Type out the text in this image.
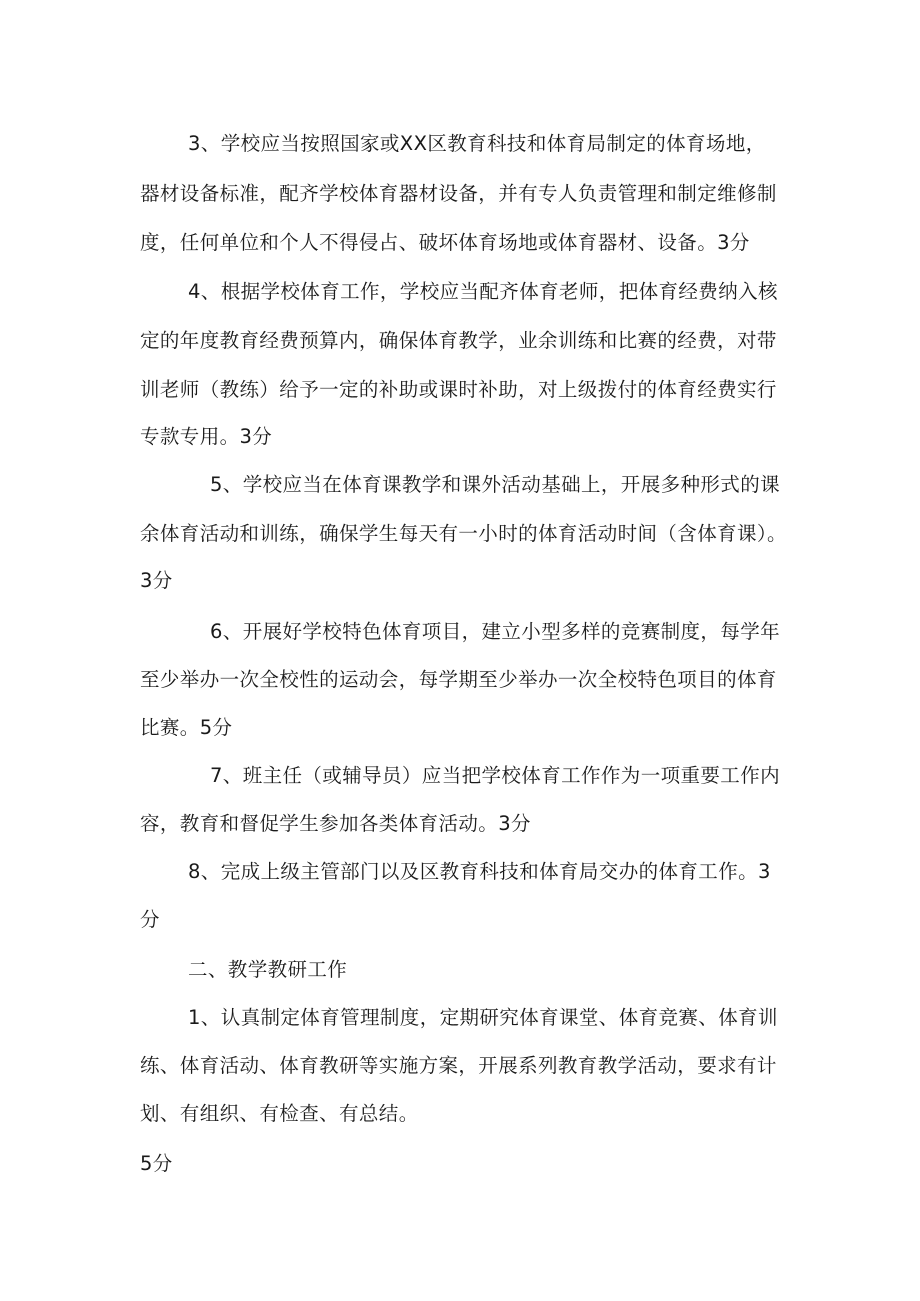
3、学校应当按照国家或XX区教育科技和体育局制定的体育场地，
器材设备标准，配齐学校体育器材设备，并有专人负责管理和制定维修制
度，任何单位和个人不得侵占、破坏体育场地或体育器材、设备。3分
4、根据学校体育工作，学校应当配齐体育老师，把体育经费纳入核
定的年度教育经费预算内，确保体育教学，业余训练和比赛的经费，对带
训老师（教练）给予一定的补助或课时补助，对上级拨付的体育经费实行
专款专用。3分
5、学校应当在体育课教学和课外活动基础上，开展多种形式的课
余体育活动和训练，确保学生每天有一小时的体育活动时间（含体育课）。
3分
6、开展好学校特色体育项目，建立小型多样的竞赛制度，每学年
至少举办一次全校性的运动会，每学期至少举办一次全校特色项目的体育
比赛。5分
7、班主任（或辅导员）应当把学校体育工作作为一项重要工作内
容，教育和督促学生参加各类体育活动。3分
8、完成上级主管部门以及区教育科技和体育局交办的体育工作。3
分
二、教学教研工作
1、认真制定体育管理制度，定期研究体育课堂、体育竞赛、体育训
练、体育活动、体育教研等实施方案，开展系列教育教学活动，要求有计
划、有组织、有检查、有总结。
5分
